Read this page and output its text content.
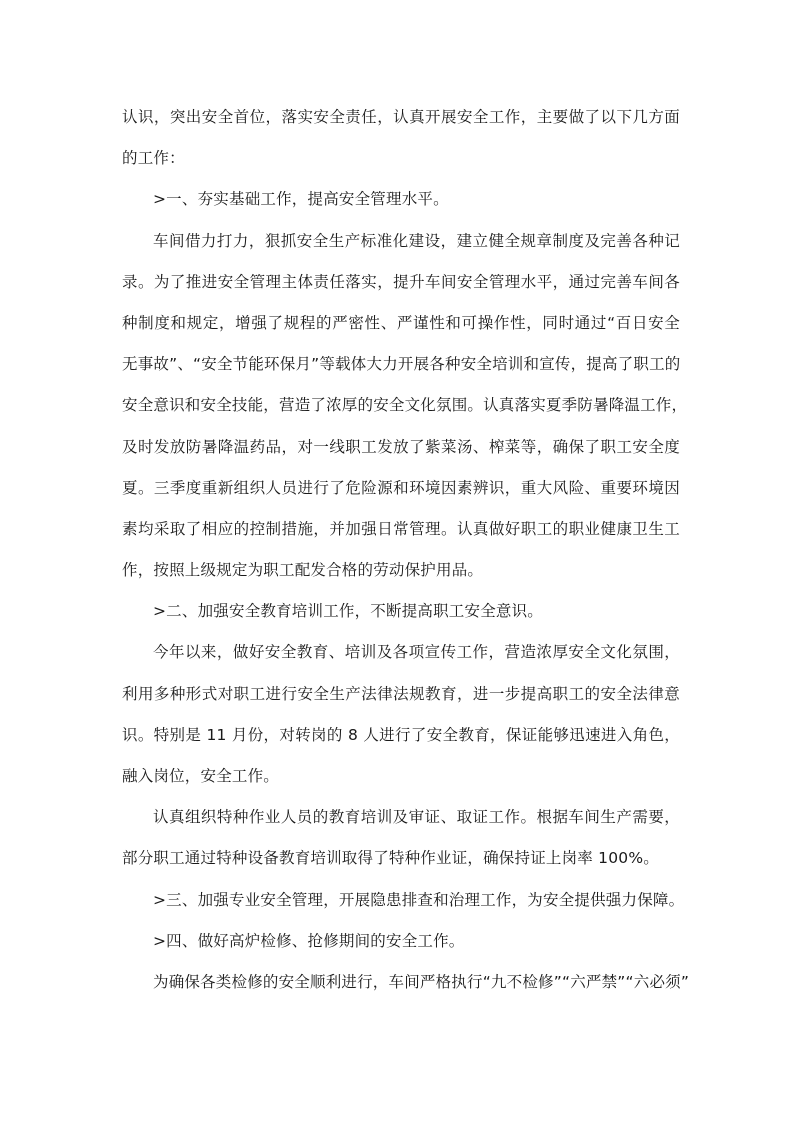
认识，突出安全首位，落实安全责任，认真开展安全工作，主要做了以下几方面
的工作：
>一、夯实基础工作，提高安全管理水平。
车间借力打力，狠抓安全生产标准化建设，建立健全规章制度及完善各种记
录。为了推进安全管理主体责任落实，提升车间安全管理水平，通过完善车间各
种制度和规定，增强了规程的严密性、严谨性和可操作性，同时通过“百日安全
无事故”、“安全节能环保月”等载体大力开展各种安全培训和宣传，提高了职工的
安全意识和安全技能，营造了浓厚的安全文化氛围。认真落实夏季防暑降温工作，
及时发放防暑降温药品，对一线职工发放了紫菜汤、榨菜等，确保了职工安全度
夏。三季度重新组织人员进行了危险源和环境因素辨识，重大风险、重要环境因
素均采取了相应的控制措施，并加强日常管理。认真做好职工的职业健康卫生工
作，按照上级规定为职工配发合格的劳动保护用品。
>二、加强安全教育培训工作，不断提高职工安全意识。
今年以来，做好安全教育、培训及各项宣传工作，营造浓厚安全文化氛围，
利用多种形式对职工进行安全生产法律法规教育，进一步提高职工的安全法律意
识。特别是 11 月份，对转岗的 8 人进行了安全教育，保证能够迅速进入角色，
融入岗位，安全工作。
认真组织特种作业人员的教育培训及审证、取证工作。根据车间生产需要，
部分职工通过特种设备教育培训取得了特种作业证，确保持证上岗率 100%。
>三、加强专业安全管理，开展隐患排查和治理工作，为安全提供强力保障。
>四、做好高炉检修、抢修期间的安全工作。
为确保各类检修的安全顺利进行，车间严格执行“九不检修”“六严禁”“六必须”
